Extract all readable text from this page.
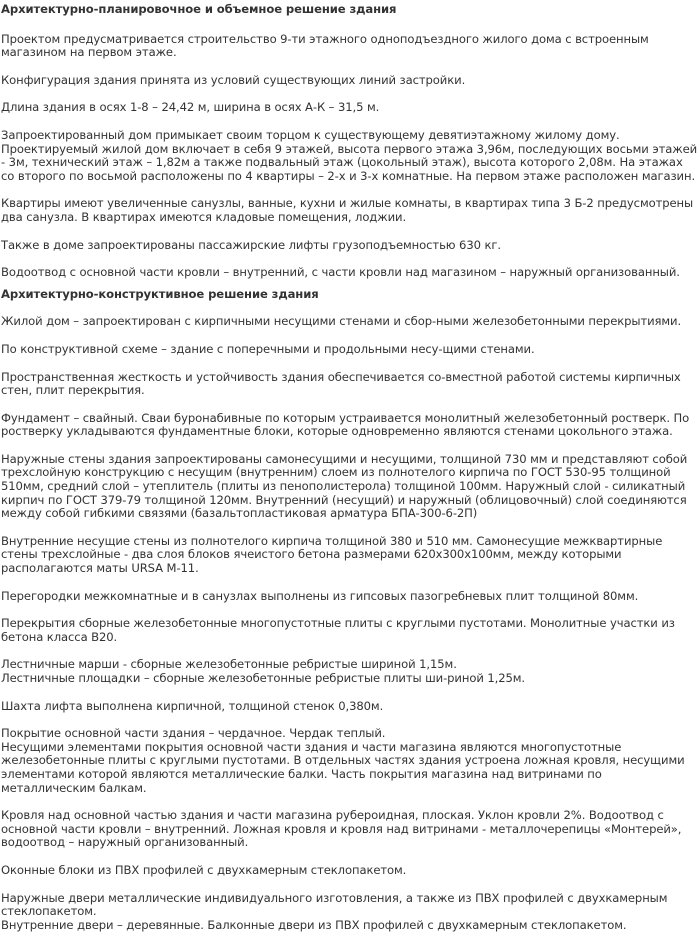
Архитектурно-планировочное и объемное решение здания

Проектом предусматривается строительство 9-ти этажного однoподъездного жилого дома с встроенным магазином на первом этаже.

Конфигурация здания принята из условий существующих линий застройки.

Длина здания в осях 1-8 – 24,42 м, ширина в осях А-К – 31,5 м.

Запроектированный дом примыкает своим торцом к существующему девятиэтажному жилому дому. Проектируемый жилой дом включает в себя 9 этажей, высота первого этажа 3,96м, последующих восьми этажей - 3м, технический этаж – 1,82м а также подвальный этаж (цокольный этаж), высота которого 2,08м. На этажах со второго по восьмой расположены по 4 квартиры – 2-х и 3-х комнатные. На первом этаже расположен магазин.

Квартиры имеют увеличенные санузлы, ванные, кухни и жилые комнаты, в квартирах типа 3 Б-2 предусмотрены два санузла. В квартирах имеются кладовые помещения, лоджии.

Также в доме запроектированы пассажирские лифты грузоподъемностью 630 кг.

Водоотвод с основной части кровли – внутренний, с части кровли над магазином – наружный организованный.

Архитектурно-конструктивное решение здания

Жилой дом – запроектирован с кирпичными несущими стенами и сбор-ными железобетонными перекрытиями.

По конструктивной схеме – здание с поперечными и продольными несу-щими стенами.

Пространственная жесткость и устойчивость здания обеспечивается со-вместной работой системы кирпичных стен, плит перекрытия.

Фундамент – свайный. Сваи буронабивные по которым устраивается монолитный железобетонный ростверк. По ростверку укладываются фундаментные блоки, которые одновременно являются стенами цокольного этажа.

Наружные стены здания запроектированы самонесущими и несущими, толщиной 730 мм и представляют собой трехслойную конструкцию с несущим (внутренним) слоем из полнотелого кирпича по ГОСТ 530-95 толщиной 510мм, средний слой – утеплитель (плиты из пенополистерола) толщиной 100мм. Наружный слой - силикатный кирпич по ГОСТ 379-79 толщиной 120мм. Внутренний (несущий) и наружный (облицовочный) слой соединяются между собой гибкими связями (базальтопластиковая арматура БПА-300-6-2П)

Внутренние несущие стены из полнотелого кирпича толщиной 380 и 510 мм. Самонесущие межквартирные стены трехслойные - два слоя блоков ячеистого бетона размерами 620х300х100мм, между которыми располагаются маты URSA М-11.

Перегородки межкомнатные и в санузлах выполнены из гипсовых пазогребневых плит толщиной 80мм.

Перекрытия сборные железобетонные многопустотные плиты с круглыми пустотами. Монолитные участки из бетона класса В20.

Лестничные марши - сборные железобетонные ребристые шириной 1,15м.

Лестничные площадки – сборные железобетонные ребристые плиты ши-риной 1,25м.

Шахта лифта выполнена кирпичной, толщиной стенок 0,380м.

Покрытие основной части здания – чердачное. Чердак теплый.

Несущими элементами покрытия основной части здания и части магазина являются многопустотные железобетонные плиты с круглыми пустотами. В отдельных частях здания устроена ложная кровля, несущими элементами которой являются металлические балки. Часть покрытия магазина над витринами по металлическим балкам.

Кровля над основной частью здания и части магазина рубероидная, плоская. Уклон кровли 2%. Водоотвод с основной части кровли – внутренний. Ложная кровля и кровля над витринами - металлочерепицы «Монтерей», водоотвод – наружный организованный.

Оконные блоки из ПВХ профилей с двухкамерным стеклопакетом.

Наружные двери металлические индивидуального изготовления, а также из ПВХ профилей с двухкамерным стеклопакетом.

Внутренние двери – деревянные. Балконные двери из ПВХ профилей с двухкамерным стеклопакетом.
